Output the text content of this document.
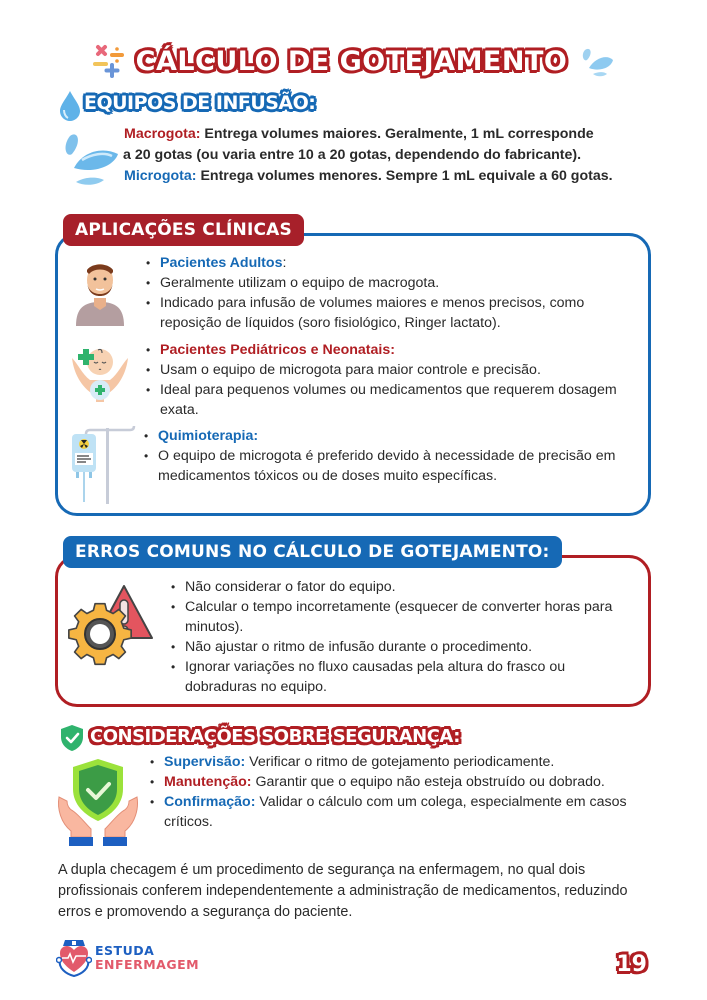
CÁLCULO DE GOTEJAMENTO
EQUIPOS DE INFUSÃO:

Macrogota: Entrega volumes maiores. Geralmente, 1 mL corresponde

a 20 gotas (ou varia entre 10 a 20 gotas, dependendo do fabricante).

Microgota: Entrega volumes menores. Sempre 1 mL equivale a 60 gotas.

APLICAÇÕES CLÍNICAS
• Pacientes Adultos:
• Geralmente utilizam o equipo de macrogota.
• Indicado para infusão de volumes maiores e menos precisos, como reposição de líquidos (soro fisiológico, Ringer lactato).
• Pacientes Pediátricos e Neonatais:
• Usam o equipo de microgota para maior controle e precisão.
• Ideal para pequenos volumes ou medicamentos que requerem dosagem exata.
• Quimioterapia:
• O equipo de microgota é preferido devido à necessidade de precisão em medicamentos tóxicos ou de doses muito específicas.
ERROS COMUNS NO CÁLCULO DE GOTEJAMENTO:
• Não considerar o fator do equipo.
• Calcular o tempo incorretamente (esquecer de converter horas para minutos).
• Não ajustar o ritmo de infusão durante o procedimento.
• Ignorar variações no fluxo causadas pela altura do frasco ou dobraduras no equipo.
CONSIDERAÇÕES SOBRE SEGURANÇA:
• Supervisão: Verificar o ritmo de gotejamento periodicamente.
• Manutenção: Garantir que o equipo não esteja obstruído ou dobrado.
• Confirmação: Validar o cálculo com um colega, especialmente em casos críticos.

A dupla checagem é um procedimento de segurança na enfermagem, no qual dois profissionais conferem independentemente a administração de medicamentos, reduzindo erros e promovendo a segurança do paciente.

ESTUDA
ENFERMAGEM	19
